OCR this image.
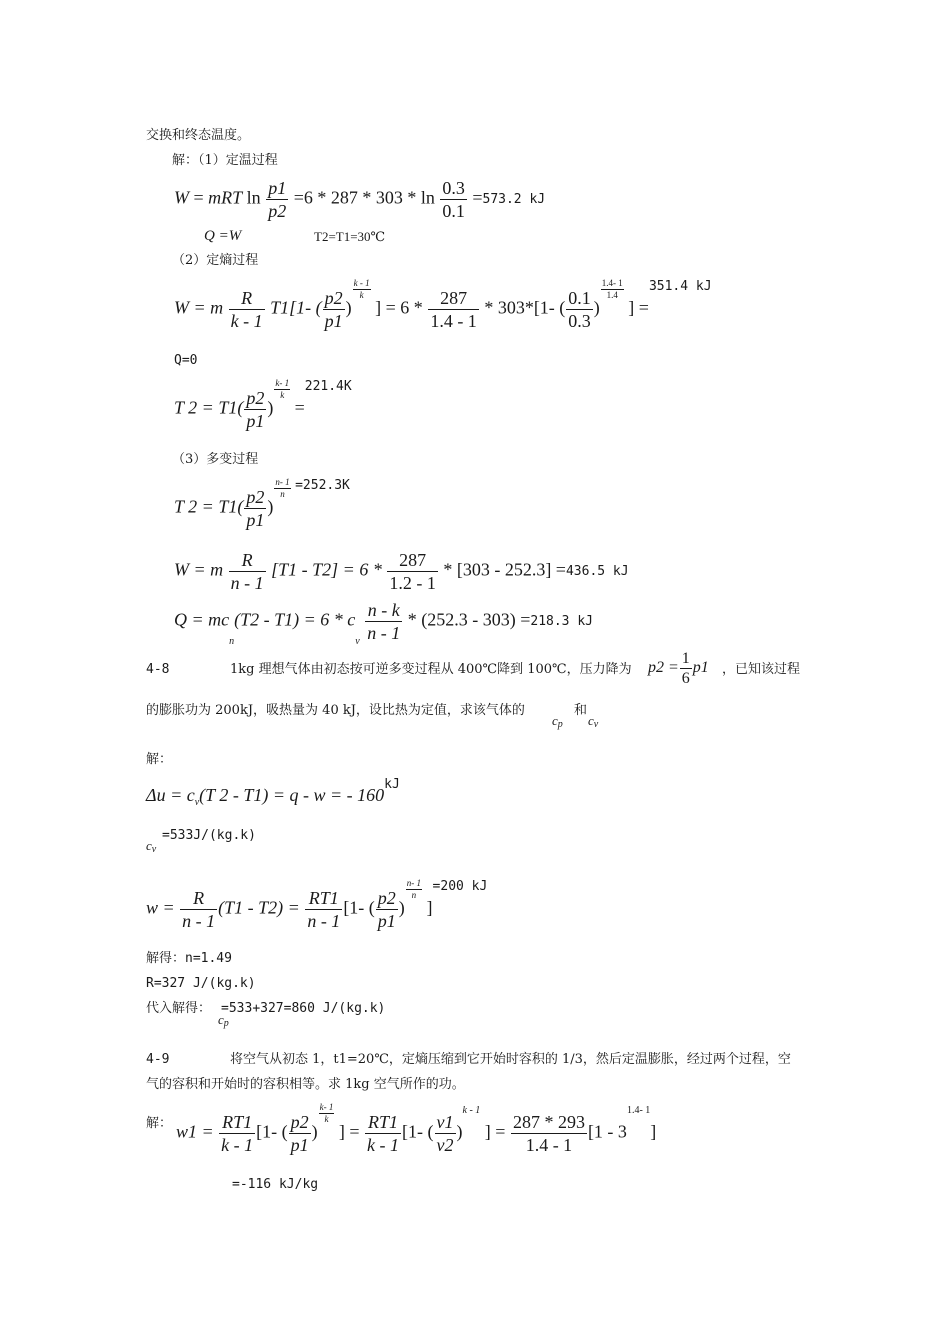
交换和终态温度。
解：（1）定温过程
W = mRT $\ln \frac{p1}{p2} =6 * 287 * 303 * \ln \frac{0.3}{0.1} =573.2$ kJ
Q =W	T2=T1=30℃
（2）定熵过程
W = m $\frac{R}{k - 1} T1[1-$ ( $\frac{p2}{p1}$ )
$\frac{k - 1}{k}$
] = $6 * \frac{287}{1.4 - 1} * 303*[1-$ ( $\frac{0.1}{0.3}$ )
$\frac{1.4- 1}{1.4}$
] =$^{351.4 kJ}$
Q=0
T $2 = T1( \frac{p2}{p1}$ )
$\frac{k- 1}{k}$
=$^{221.4K}$
（3）多变过程
T $2 = T1( \frac{p2}{p1}$ )
$\frac{n- 1}{n} ^{=252.3K}$
W = m $\frac{R}{n - 1} [T1 - T2] = 6 * \frac{287}{1.2 - 1} * [303 - 252.3] =436.5$ kJ
$Q = mc_n(T2 - T1) = 6 * c_v \frac{n - k}{n - 1} * (252.3 - 303) =218.3$ kJ
4-8	1kg 理想气体由初态按可逆多变过程从 400℃降到 100℃，压力降为 $p2 = \frac{1}{6} p1$ ，已知该过程
的膨胀功为 200kJ，吸热量为 40 kJ，设比热为定值，求该气体的
$c_p$
和
$c_v$
解：
$\Delta u = c_v(T$ 2 - T1) = q - w = - $160^{kJ}$
=533J/(kg.k)
$c_v$
$w = \frac{R}{n - 1} (T1 - T2) = \frac{RT1}{n - 1} [1-$ ( $\frac{p2}{p1}$ )
$\frac{n- 1}{n}$
]$^{=200 kJ}$
解得：n=1.49
R=327 J/(kg.k)
代入解得： =533+327=860 J/(kg.k)
$c_p$
4-9	将空气从初态 1，t1=20℃，定熵压缩到它开始时容积的 1/3，然后定温膨胀，经过两个过程，空
气的容积和开始时的容积相等。求 1kg 空气所作的功。
解： $w1 = \frac{RT1}{k - 1} [1-$ ( $\frac{p2}{p1}$ )
$\frac{k- 1}{k}$
] = $\frac{RT1}{k - 1} [1-$ ( $\frac{v1}{v2} )^{k - 1}$ ] = $\frac{287 * 293}{1.4 - 1} [1 - 3^{1.4- 1}]$
=-116 kJ/kg
